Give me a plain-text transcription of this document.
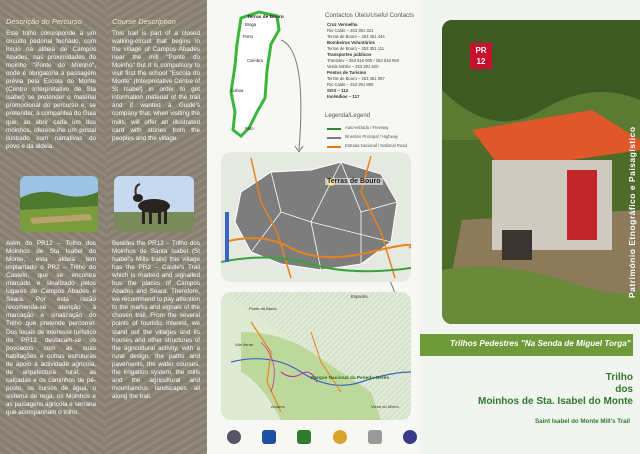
Descrição do Percurso
Este trilho corresponde a um circuito pedonal fechado, com início na aldeia de Campos Abades, nas proximidades do moinho "Ponte do Moinho", onde é obrigatória a passagem prévia pela Escola do Monte (Centro Interpretativo de Sta Isabel) se pretender o material promocional do percurso e, se pretender, a companhia do Guia que, ao abrir cada um dos moinhos, oferece-lhe um postal ilustrado com narrativas do povo e da aldeia.
Além do PR12 – Trilho dos Moinhos de Sta Isabel do Monte, esta aldeia tem implantado o PR2 – Trilho do Castelo, que se encontra marcado e sinalizado pelos lugares de Campos Abades e Seara. Por esta razão recomenda-se atenção à marcação e sinalização do Trilho que pretende percorrer. Dos locais de interesse turístico do PR12 destacam-se os povoados com as suas habitações e outras estruturas de apoio à actividade agrícola, de arquitectura rural, as calçadas e os caminhos de pé-posto, os cursos de água, o sistema de rega, os Moinhos e as paisagens agrícola e serrana que acompanham o trilho.
Course Description
This trail is part of a closed walking-circuit that begins in the village of Campos Abades near the mill "Ponte do Moinho" but it is compulsory to visit first the school "Escola do Monte" (Interpretative Centre of St Isabel) in order to get information material of the trail and if wanted a Guide's company that, when visiting the mills, will offer an illustrated card with stories from the peoples and the village.
Besides the PR12 – Trilho dos Moinhos de Santa Isabel (St Isabel's Mills trails) this village has the PR2 – Castle's Trail which is marked and signalled bus the places of Campos Abades and Seara. Therefore, we recommend to pay attention to the marks and signals of the chosen trail. From the several points of touristic interest, we stand out the villages and its houses and other structures of the agricultural activity, with a rural design, the paths and pavements, the water courses, the irrigation system, the mills and the agricultural and mountainous landscapes all along the trail.
Terras de Bouro
Braga
Porto
Coimbra
Lisboa
Faro
Contactos Úteis/Useful Contacts
Cruz Vermelha
Rio Caldo – 253 391 321
Terras de Bouro – 253 351 444
Bombeiros Voluntários
Terras de Bouro – 253 351 111
Transportes públicos
Transdev – 253 616 900 / 253 618 960
Verde Minho – 253 291 620
Postos de Turismo
Terras de Bouro – 253 351 087
Rio Caldo – 253 391 890
SOS – 112
Incêndios – 117
Legenda/Legend
Auto-estrada / Freeway
Itinerário Principal / Highway
Estrada Nacional / National Road
Terras de Bouro
Espanha
Parque Nacional da Peneda-Gerês
Vila Verde
Ponte da Barca
Amares	Vieira do Minho
PR
12
Património Etnográfico e Paisagístico
Trilhos Pedestres "Na Senda de Miguel Torga"
Trilho
dos
Moinhos de Sta. Isabel do Monte
Saint Isabel do Monte Mill's Trail
